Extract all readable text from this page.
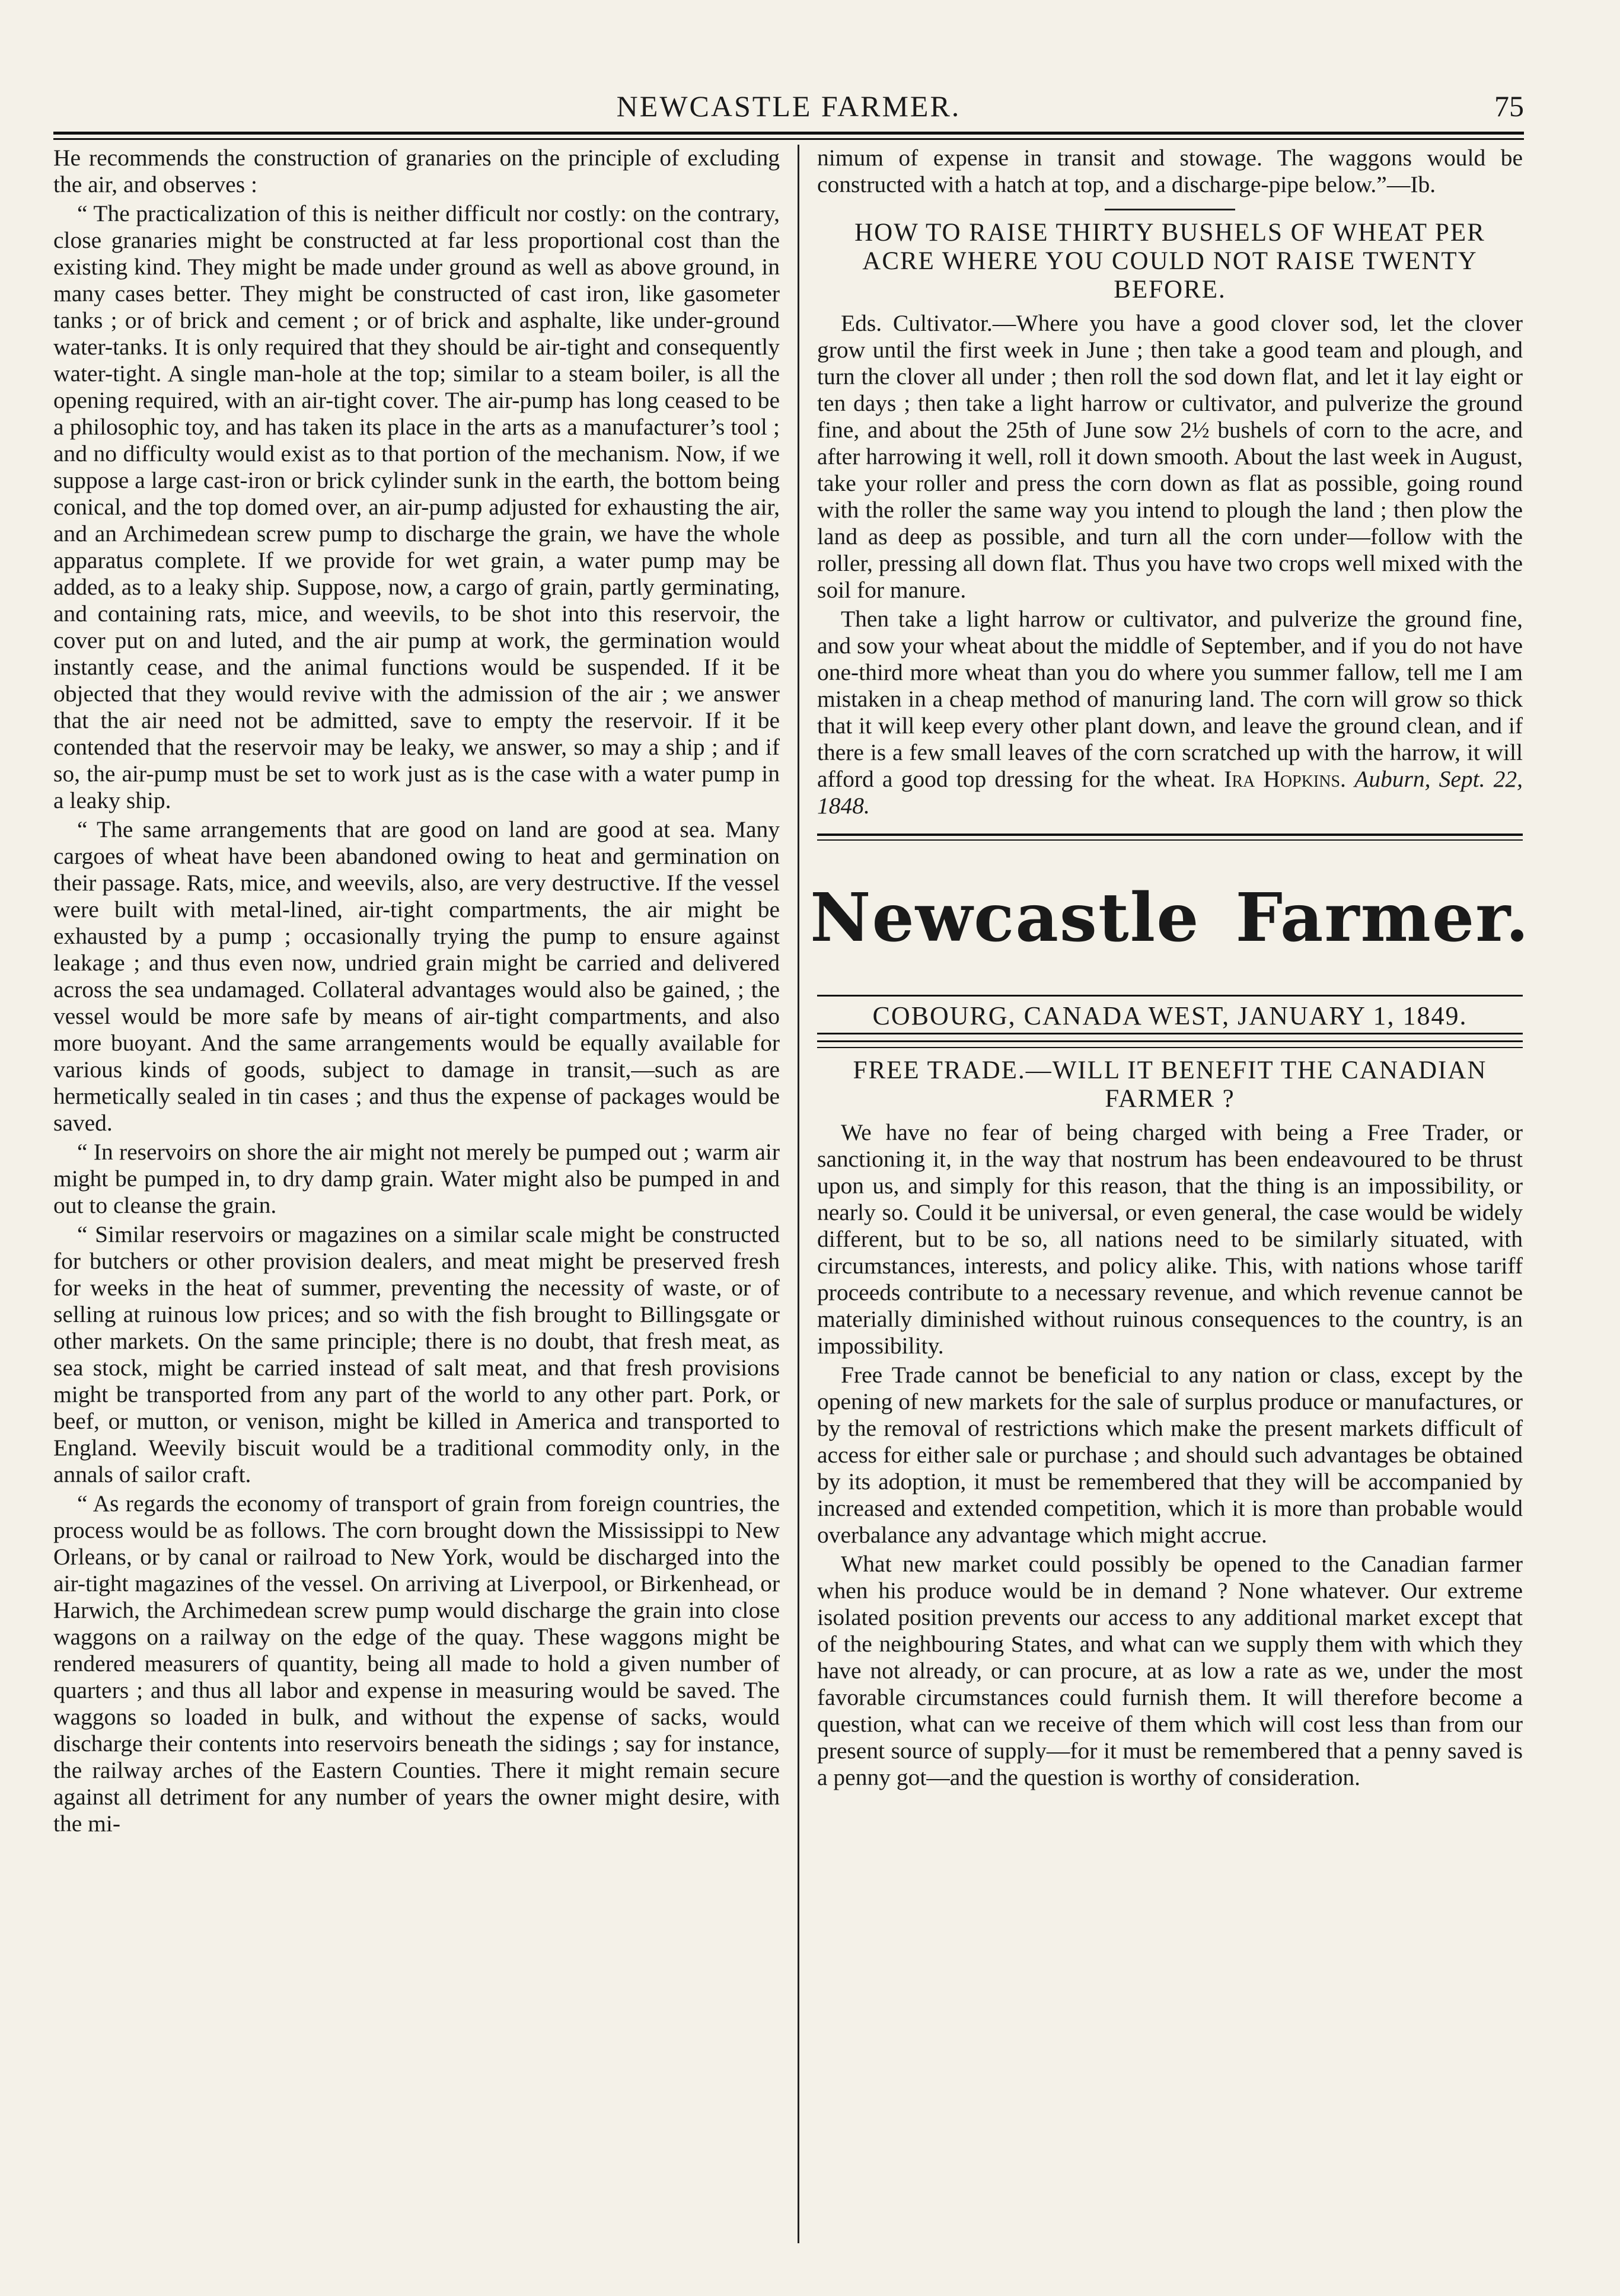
NEWCASTLE FARMER.	75

He recommends the construction of granaries on the principle of excluding the air, and observes :

“ The practicalization of this is neither difficult nor costly: on the contrary, close granaries might be constructed at far less proportional cost than the existing kind. They might be made under ground as well as above ground, in many cases better. They might be constructed of cast iron, like gasometer tanks ; or of brick and cement ; or of brick and asphalte, like under-ground water-tanks. It is only required that they should be air-tight and consequently water-tight. A single man-hole at the top; similar to a steam boiler, is all the opening required, with an air-tight cover. The air-pump has long ceased to be a philosophic toy, and has taken its place in the arts as a manufacturer’s tool ; and no difficulty would exist as to that portion of the mechanism. Now, if we suppose a large cast-iron or brick cylinder sunk in the earth, the bottom being conical, and the top domed over, an air-pump adjusted for exhausting the air, and an Archimedean screw pump to discharge the grain, we have the whole apparatus complete. If we provide for wet grain, a water pump may be added, as to a leaky ship. Suppose, now, a cargo of grain, partly germinating, and containing rats, mice, and weevils, to be shot into this reservoir, the cover put on and luted, and the air pump at work, the germination would instantly cease, and the animal functions would be suspended. If it be objected that they would revive with the admission of the air ; we answer that the air need not be admitted, save to empty the reservoir. If it be contended that the reservoir may be leaky, we answer, so may a ship ; and if so, the air-pump must be set to work just as is the case with a water pump in a leaky ship.

“ The same arrangements that are good on land are good at sea. Many cargoes of wheat have been abandoned owing to heat and germination on their passage. Rats, mice, and weevils, also, are very destructive. If the vessel were built with metal-lined, air-tight compartments, the air might be exhausted by a pump ; occasionally trying the pump to ensure against leakage ; and thus even now, undried grain might be carried and delivered across the sea undamaged. Collateral advantages would also be gained, ; the vessel would be more safe by means of air-tight compartments, and also more buoyant. And the same arrangements would be equally available for various kinds of goods, subject to damage in transit,—such as are hermetically sealed in tin cases ; and thus the expense of packages would be saved.

“ In reservoirs on shore the air might not merely be pumped out ; warm air might be pumped in, to dry damp grain. Water might also be pumped in and out to cleanse the grain.

“ Similar reservoirs or magazines on a similar scale might be constructed for butchers or other provision dealers, and meat might be preserved fresh for weeks in the heat of summer, preventing the necessity of waste, or of selling at ruinous low prices; and so with the fish brought to Billingsgate or other markets. On the same principle; there is no doubt, that fresh meat, as sea stock, might be carried instead of salt meat, and that fresh provisions might be transported from any part of the world to any other part. Pork, or beef, or mutton, or venison, might be killed in America and transported to England. Weevily biscuit would be a traditional commodity only, in the annals of sailor craft.

“ As regards the economy of transport of grain from foreign countries, the process would be as follows. The corn brought down the Mississippi to New Orleans, or by canal or railroad to New York, would be discharged into the air-tight magazines of the vessel. On arriving at Liverpool, or Birkenhead, or Harwich, the Archimedean screw pump would discharge the grain into close waggons on a railway on the edge of the quay. These waggons might be rendered measurers of quantity, being all made to hold a given number of quarters ; and thus all labor and expense in measuring would be saved. The waggons so loaded in bulk, and without the expense of sacks, would discharge their contents into reservoirs beneath the sidings ; say for instance, the railway arches of the Eastern Counties. There it might remain secure against all detriment for any number of years the owner might desire, with the mi-

nimum of expense in transit and stowage. The waggons would be constructed with a hatch at top, and a discharge-pipe below.”—Ib.

HOW TO RAISE THIRTY BUSHELS OF WHEAT PER ACRE WHERE YOU COULD NOT RAISE TWENTY BEFORE.

Eds. Cultivator.—Where you have a good clover sod, let the clover grow until the first week in June ; then take a good team and plough, and turn the clover all under ; then roll the sod down flat, and let it lay eight or ten days ; then take a light harrow or cultivator, and pulverize the ground fine, and about the 25th of June sow 2½ bushels of corn to the acre, and after harrowing it well, roll it down smooth. About the last week in August, take your roller and press the corn down as flat as possible, going round with the roller the same way you intend to plough the land ; then plow the land as deep as possible, and turn all the corn under—follow with the roller, pressing all down flat. Thus you have two crops well mixed with the soil for manure.

Then take a light harrow or cultivator, and pulverize the ground fine, and sow your wheat about the middle of September, and if you do not have one-third more wheat than you do where you summer fallow, tell me I am mistaken in a cheap method of manuring land. The corn will grow so thick that it will keep every other plant down, and leave the ground clean, and if there is a few small leaves of the corn scratched up with the harrow, it will afford a good top dressing for the wheat. Ira Hopkins. Auburn, Sept. 22, 1848.

Newcastle Farmer.
COBOURG, CANADA WEST, JANUARY 1, 1849.
FREE TRADE.—WILL IT BENEFIT THE CANADIAN FARMER ?

We have no fear of being charged with being a Free Trader, or sanctioning it, in the way that nostrum has been endeavoured to be thrust upon us, and simply for this reason, that the thing is an impossibility, or nearly so. Could it be universal, or even general, the case would be widely different, but to be so, all nations need to be similarly situated, with circumstances, interests, and policy alike. This, with nations whose tariff proceeds contribute to a necessary revenue, and which revenue cannot be materially diminished without ruinous consequences to the country, is an impossibility.

Free Trade cannot be beneficial to any nation or class, except by the opening of new markets for the sale of surplus produce or manufactures, or by the removal of restrictions which make the present markets difficult of access for either sale or purchase ; and should such advantages be obtained by its adoption, it must be remembered that they will be accompanied by increased and extended competition, which it is more than probable would overbalance any advantage which might accrue.

What new market could possibly be opened to the Canadian farmer when his produce would be in demand ? None whatever. Our extreme isolated position prevents our access to any additional market except that of the neighbouring States, and what can we supply them with which they have not already, or can procure, at as low a rate as we, under the most favorable circumstances could furnish them. It will therefore become a question, what can we receive of them which will cost less than from our present source of supply—for it must be remembered that a penny saved is a penny got—and the question is worthy of consideration.
